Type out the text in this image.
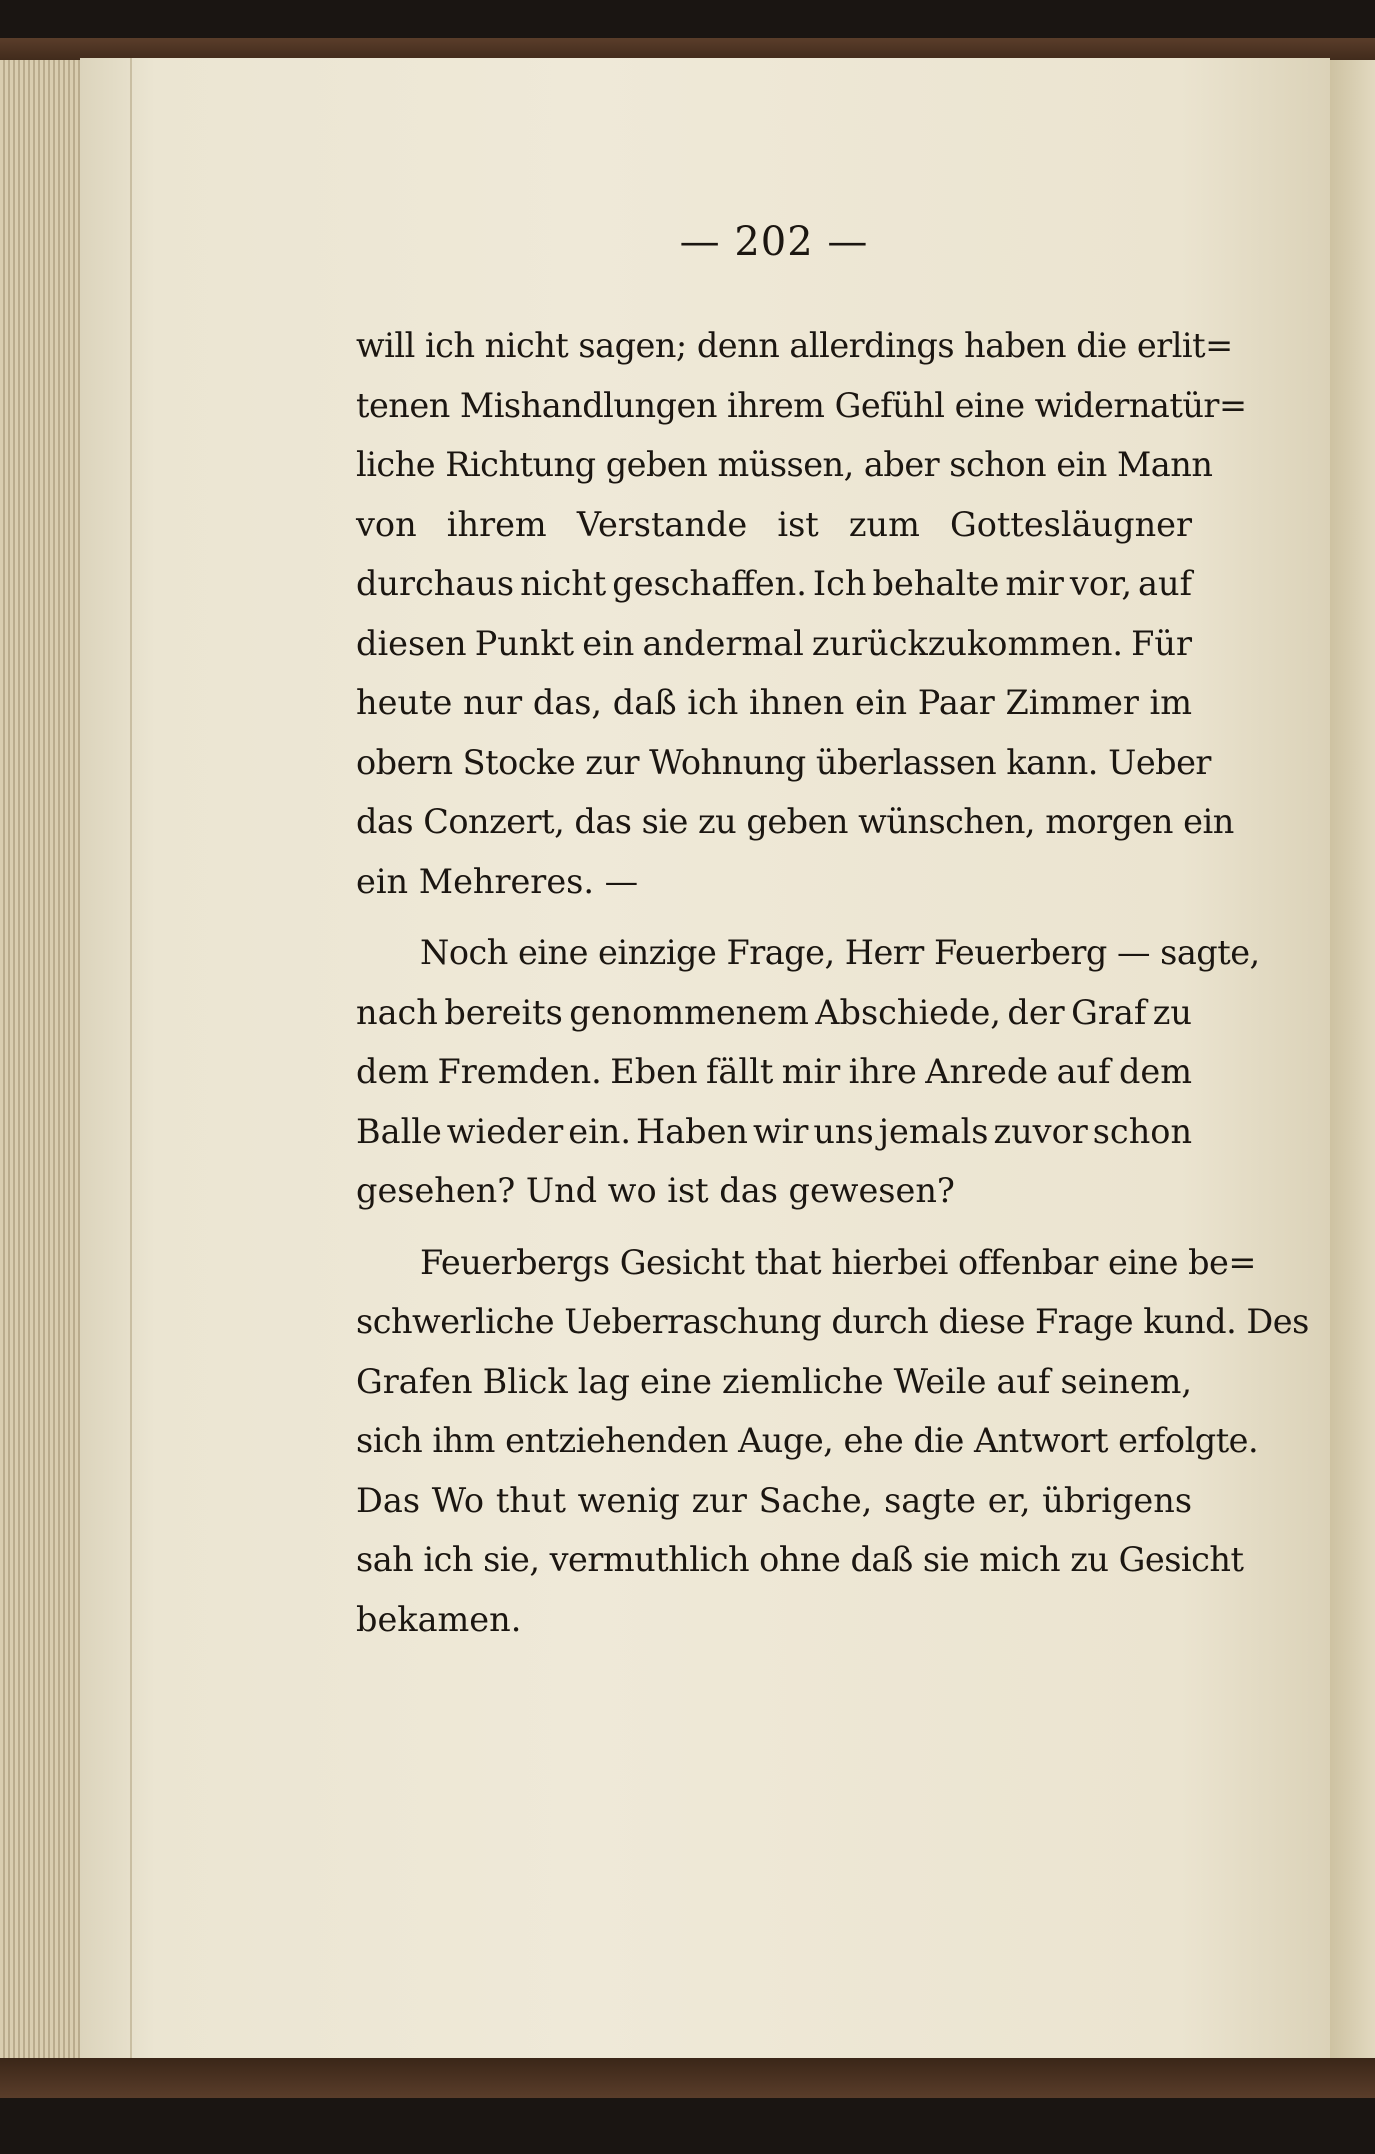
— 202 —
will ich nicht sagen; denn allerdings haben die erlit=
tenen Mishandlungen ihrem Gefühl eine widernatür=
liche Richtung geben müssen, aber schon ein Mann
von ihrem Verstande ist zum Gottesläugner
durchaus nicht geschaffen. Ich behalte mir vor, auf
diesen Punkt ein andermal zurückzukommen. Für
heute nur das, daß ich ihnen ein Paar Zimmer im
obern Stocke zur Wohnung überlassen kann. Ueber
das Conzert, das sie zu geben wünschen, morgen ein
ein Mehreres. —
Noch eine einzige Frage, Herr Feuerberg — sagte,
nach bereits genommenem Abschiede, der Graf zu
dem Fremden. Eben fällt mir ihre Anrede auf dem
Balle wieder ein. Haben wir uns jemals zuvor schon
gesehen? Und wo ist das gewesen?
Feuerbergs Gesicht that hierbei offenbar eine be=
schwerliche Ueberraschung durch diese Frage kund. Des
Grafen Blick lag eine ziemliche Weile auf seinem,
sich ihm entziehenden Auge, ehe die Antwort erfolgte.
Das Wo thut wenig zur Sache, sagte er, übrigens
sah ich sie, vermuthlich ohne daß sie mich zu Gesicht
bekamen.
